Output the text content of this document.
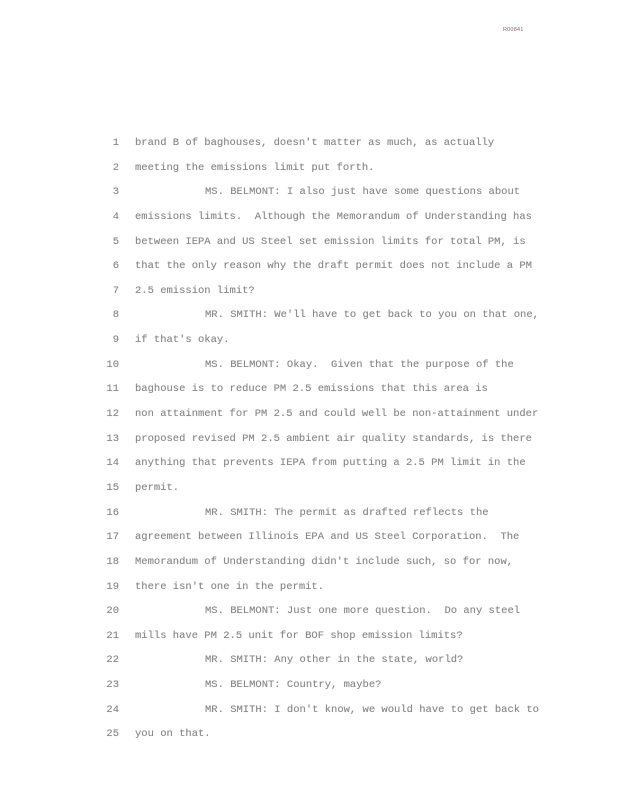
R00841
1 brand B of baghouses, doesn't matter as much, as actually
2 meeting the emissions limit put forth.
3	MS. BELMONT: I also just have some questions about
4 emissions limits.  Although the Memorandum of Understanding has
5 between IEPA and US Steel set emission limits for total PM, is
6 that the only reason why the draft permit does not include a PM
7 2.5 emission limit?
8	MR. SMITH: We'll have to get back to you on that one,
9 if that's okay.
10	MS. BELMONT: Okay.  Given that the purpose of the
11 baghouse is to reduce PM 2.5 emissions that this area is
12 non attainment for PM 2.5 and could well be non-attainment under
13 proposed revised PM 2.5 ambient air quality standards, is there
14 anything that prevents IEPA from putting a 2.5 PM limit in the
15 permit.
16	MR. SMITH: The permit as drafted reflects the
17 agreement between Illinois EPA and US Steel Corporation.  The
18 Memorandum of Understanding didn't include such, so for now,
19 there isn't one in the permit.
20	MS. BELMONT: Just one more question.  Do any steel
21 mills have PM 2.5 unit for BOF shop emission limits?
22	MR. SMITH: Any other in the state, world?
23	MS. BELMONT: Country, maybe?
24	MR. SMITH: I don't know, we would have to get back to
25 you on that.
